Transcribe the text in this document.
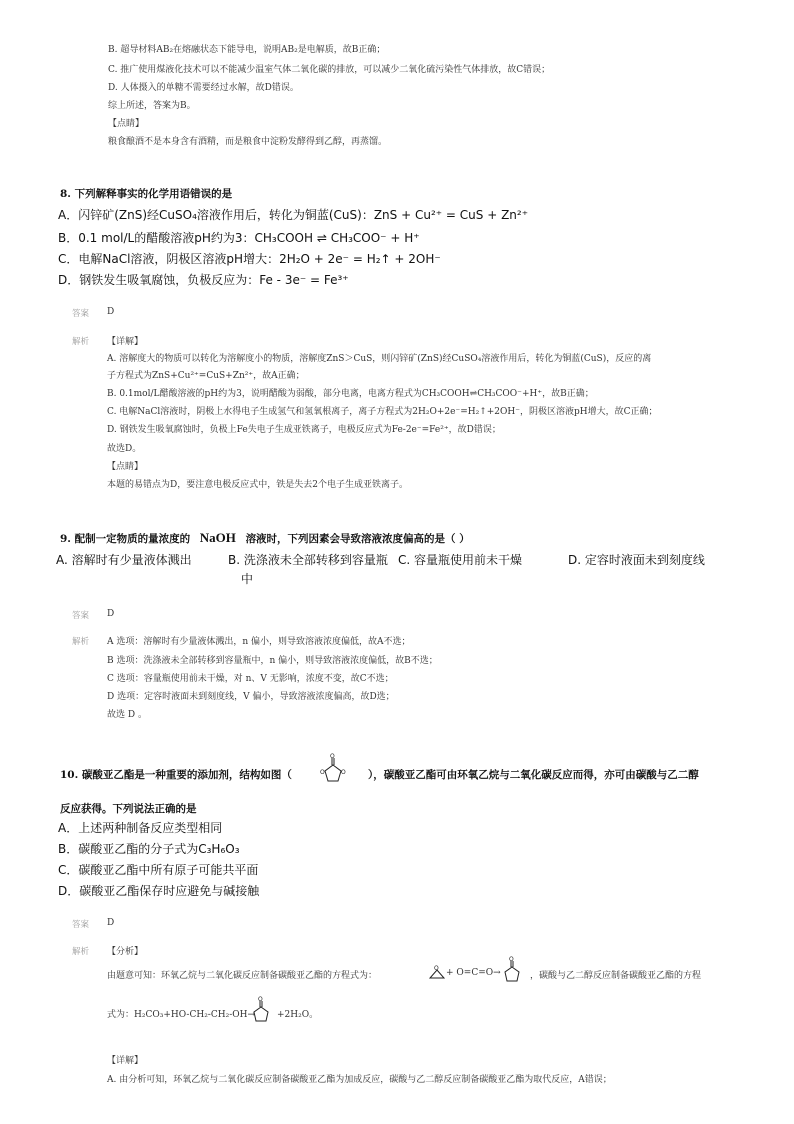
B. 超导材料AB₂在熔融状态下能导电，说明AB₂是电解质，故B正确；
C. 推广使用煤液化技术可以不能减少温室气体二氧化碳的排放，可以减少二氧化硫污染性气体排放，故C错误；
D. 人体摄入的单糖不需要经过水解，故D错误。
综上所述，答案为B。
【点睛】
粮食酿酒不是本身含有酒精，而是粮食中淀粉发酵得到乙醇，再蒸馏。
8. 下列解释事实的化学用语错误的是
A．闪锌矿(ZnS)经CuSO₄溶液作用后，转化为铜蓝(CuS)：ZnS + Cu²⁺ = CuS + Zn²⁺
B．0.1 mol/L的醋酸溶液pH约为3：CH₃COOH ⇌ CH₃COO⁻ + H⁺
C．电解NaCl溶液，阴极区溶液pH增大：2H₂O + 2e⁻ = H₂↑ + 2OH⁻
D．钢铁发生吸氧腐蚀，负极反应为：Fe - 3e⁻ = Fe³⁺
答案 D
解析 【详解】
A. 溶解度大的物质可以转化为溶解度小的物质，溶解度ZnS＞CuS，则闪锌矿(ZnS)经CuSO₄溶液作用后，转化为铜蓝(CuS)，反应的离
子方程式为ZnS+Cu²⁺=CuS+Zn²⁺，故A正确；
B. 0.1mol/L醋酸溶液的pH约为3，说明醋酸为弱酸，部分电离，电离方程式为CH₃COOH⇌CH₃COO⁻+H⁺，故B正确；
C. 电解NaCl溶液时，阴极上水得电子生成氢气和氢氧根离子，离子方程式为2H₂O+2e⁻=H₂↑+2OH⁻，阴极区溶液pH增大，故C正确；
D. 钢铁发生吸氧腐蚀时，负极上Fe失电子生成亚铁离子，电极反应式为Fe-2e⁻=Fe²⁺，故D错误；
故选D。
【点睛】
本题的易错点为D，要注意电极反应式中，铁是失去2个电子生成亚铁离子。
9. 配制一定物质的量浓度的 NaOH 溶液时，下列因素会导致溶液浓度偏高的是（ ）
A. 溶解时有少量液体溅出	B. 洗涤液未全部转移到容量瓶
中
C. 容量瓶使用前未干燥	D. 定容时液面未到刻度线
答案 D
解析 A 选项：溶解时有少量液体溅出，n 偏小，则导致溶液浓度偏低，故A不选；
B 选项：洗涤液未全部转移到容量瓶中，n 偏小，则导致溶液浓度偏低，故B不选；
C 选项：容量瓶使用前未干燥，对 n、V 无影响，浓度不变，故C不选；
D 选项：定容时液面未到刻度线，V 偏小，导致溶液浓度偏高，故D选；
故选 D 。
10. 碳酸亚乙酯是一种重要的添加剂，结构如图（
O
O	O ），碳酸亚乙酯可由环氧乙烷与二氧化碳反应而得，亦可由碳酸与乙二醇
反应获得。下列说法正确的是
A．上述两种制备反应类型相同
B．碳酸亚乙酯的分子式为C₃H₆O₃
C．碳酸亚乙酯中所有原子可能共平面
D．碳酸亚乙酯保存时应避免与碱接触
答案 D
解析 【分析】
由题意可知：环氧乙烷与二氧化碳反应制备碳酸亚乙酯的方程式为：
O + O=C=O→
O
，碳酸与乙二醇反应制备碳酸亚乙酯的方程
式为：H₂CO₃+HO-CH₂-CH₂-OH→
O
+2H₂O。
【详解】
A. 由分析可知，环氧乙烷与二氧化碳反应制备碳酸亚乙酯为加成反应，碳酸与乙二醇反应制备碳酸亚乙酯为取代反应，A错误；
